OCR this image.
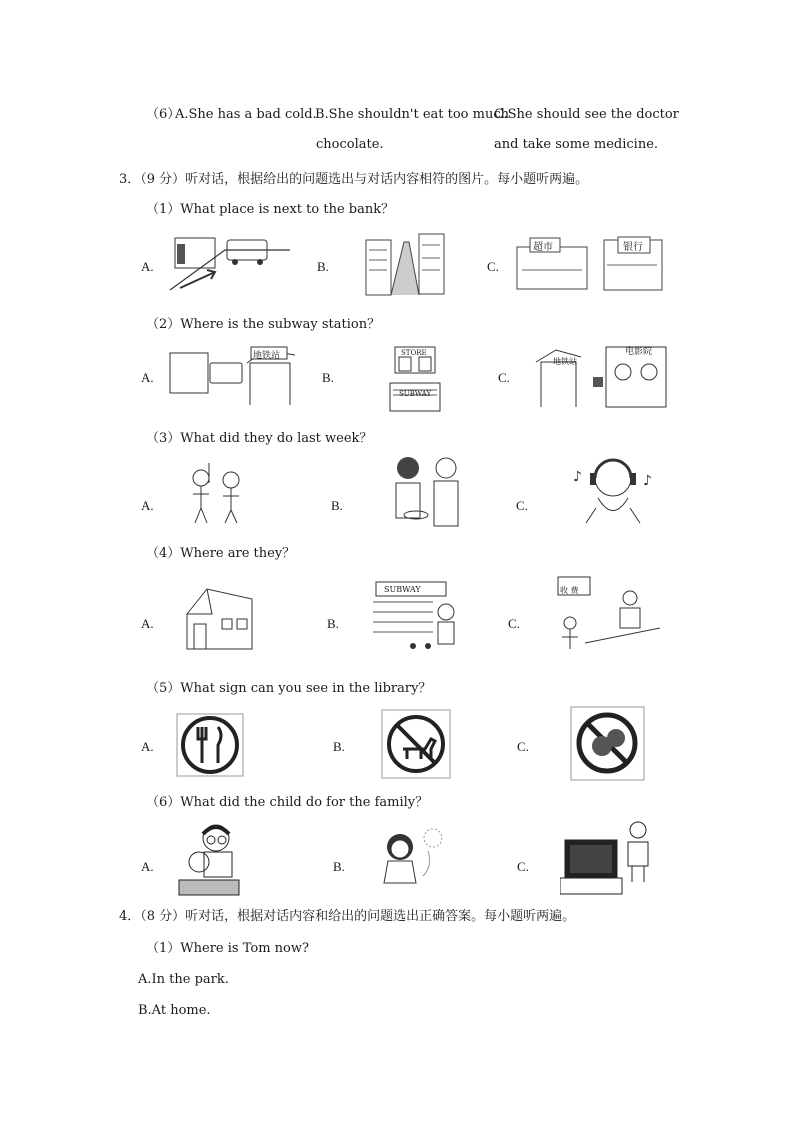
（6）
A.She has a bad cold.
B.She shouldn't eat too much
chocolate.
C.She should see the doctor
and take some medicine.
3．（9 分）听对话，根据给出的问题选出与对话内容相符的图片。每小题听两遍。
（1）What place is next to the bank？
A.	B.	C.
超市	银行
（2）Where is the subway station？
A.
地铁站
B.
STORE
SUBWAY
C.
地铁站
电影院
（3）What did they do last week？
A.	B.	C.
♪	♪
（4）Where are they？
A.	B.
SUBWAY
C.
收 费
（5）What sign can you see in the library？
A.	B.	C.
（6）What did the child do for the family？
A.	B.	C.
4．（8 分）听对话，根据对话内容和给出的问题选出正确答案。每小题听两遍。
（1）Where is Tom now?
A.In the park.
B.At home.
